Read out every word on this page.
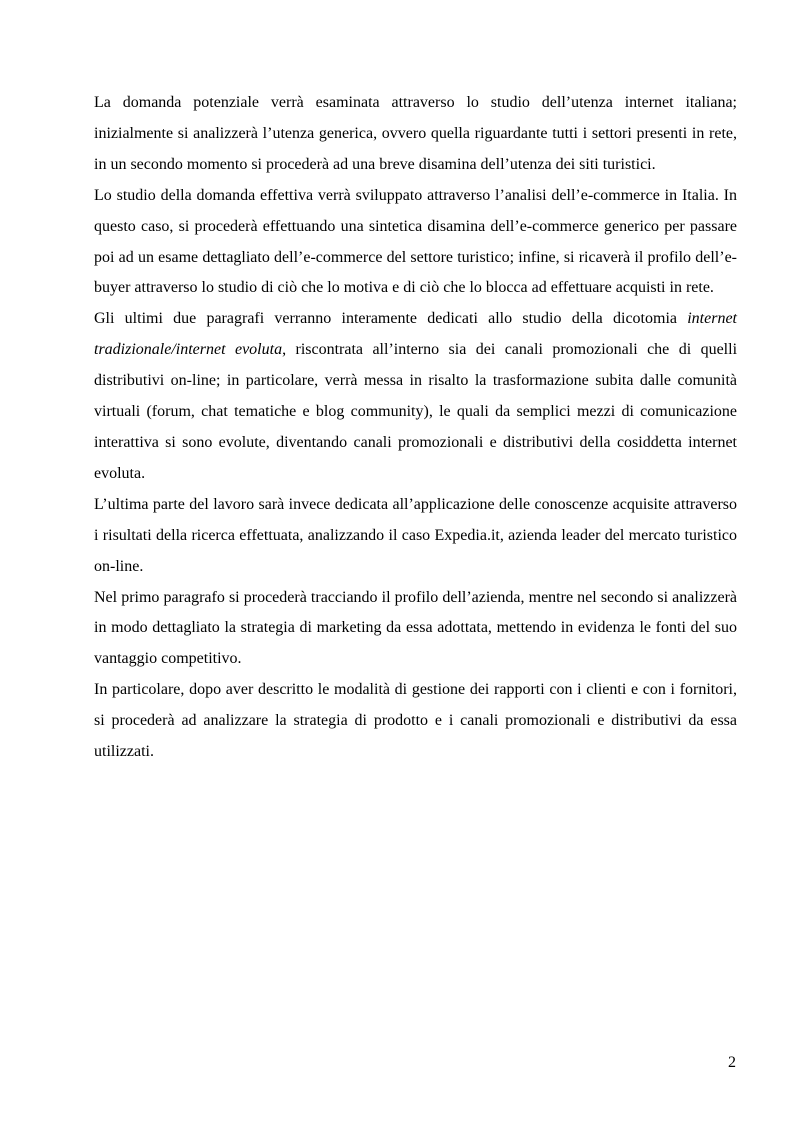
La domanda potenziale verrà esaminata attraverso lo studio dell’utenza internet italiana; inizialmente si analizzerà l’utenza generica, ovvero quella riguardante tutti i settori presenti in rete, in un secondo momento si procederà ad una breve disamina dell’utenza dei siti turistici.

Lo studio della domanda effettiva verrà sviluppato attraverso l’analisi dell’e-commerce in Italia. In questo caso, si procederà effettuando una sintetica disamina dell’e-commerce generico per passare poi ad un esame dettagliato dell’e-commerce del settore turistico; infine, si ricaverà il profilo dell’e-buyer attraverso lo studio di ciò che lo motiva e di ciò che lo blocca ad effettuare acquisti in rete.

Gli ultimi due paragrafi verranno interamente dedicati allo studio della dicotomia internet tradizionale/internet evoluta, riscontrata all’interno sia dei canali promozionali che di quelli distributivi on-line; in particolare, verrà messa in risalto la trasformazione subita dalle comunità virtuali (forum, chat tematiche e blog community), le quali da semplici mezzi di comunicazione interattiva si sono evolute, diventando canali promozionali e distributivi della cosiddetta internet evoluta.

L’ultima parte del lavoro sarà invece dedicata all’applicazione delle conoscenze acquisite attraverso i risultati della ricerca effettuata, analizzando il caso Expedia.it, azienda leader del mercato turistico on-line.

Nel primo paragrafo si procederà tracciando il profilo dell’azienda, mentre nel secondo si analizzerà in modo dettagliato la strategia di marketing da essa adottata, mettendo in evidenza le fonti del suo vantaggio competitivo.

In particolare, dopo aver descritto le modalità di gestione dei rapporti con i clienti e con i fornitori, si procederà ad analizzare la strategia di prodotto e i canali promozionali e distributivi da essa utilizzati.

2
